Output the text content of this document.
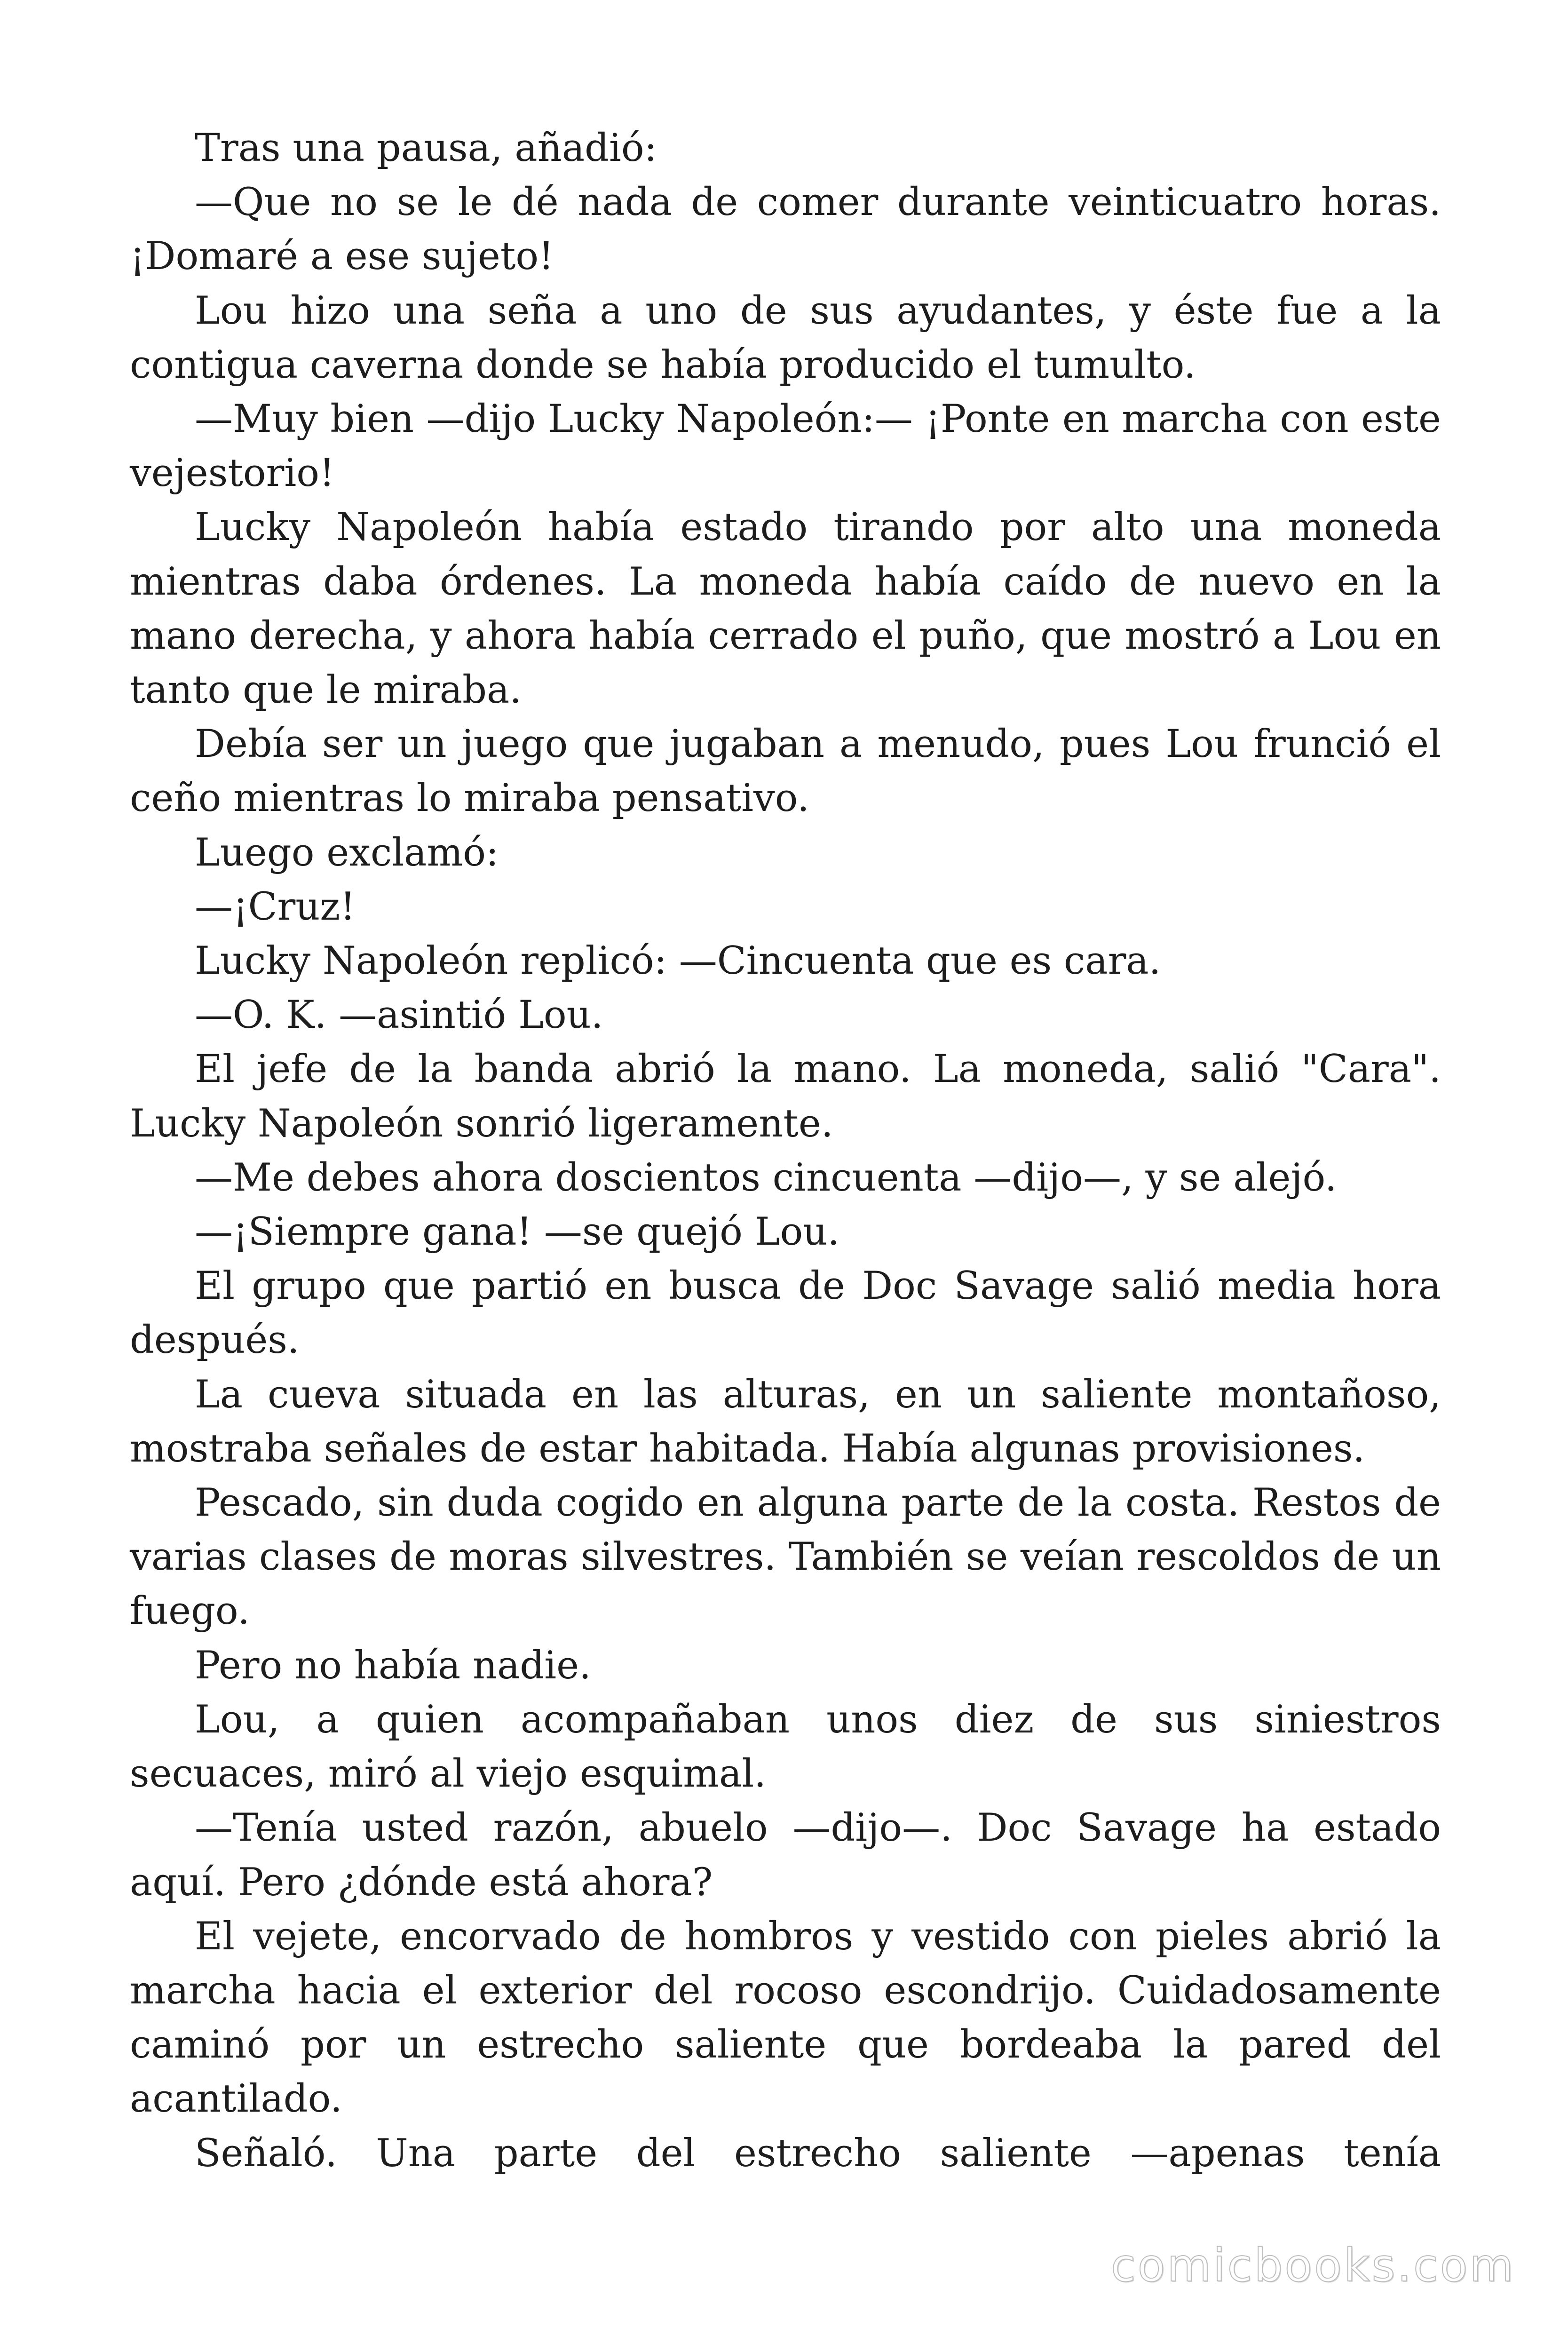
Tras una pausa, añadió:

—Que no se le dé nada de comer durante veinticuatro horas. ¡Domaré a ese sujeto!

Lou hizo una seña a uno de sus ayudantes, y éste fue a la contigua caverna donde se había producido el tumulto.

—Muy bien —dijo Lucky Napoleón:— ¡Ponte en marcha con este vejestorio!

Lucky Napoleón había estado tirando por alto una moneda mientras daba órdenes. La moneda había caído de nuevo en la mano derecha, y ahora había cerrado el puño, que mostró a Lou en tanto que le miraba.

Debía ser un juego que jugaban a menudo, pues Lou frunció el ceño mientras lo miraba pensativo.

Luego exclamó:

—¡Cruz!

Lucky Napoleón replicó: —Cincuenta que es cara.

—O. K. —asintió Lou.

El jefe de la banda abrió la mano. La moneda, salió "Cara". Lucky Napoleón sonrió ligeramente.

—Me debes ahora doscientos cincuenta —dijo—, y se alejó.

—¡Siempre gana! —se quejó Lou.

El grupo que partió en busca de Doc Savage salió media hora después.

La cueva situada en las alturas, en un saliente montañoso, mostraba señales de estar habitada. Había algunas provisiones.

Pescado, sin duda cogido en alguna parte de la costa. Restos de varias clases de moras silvestres. También se veían rescoldos de un fuego.

Pero no había nadie.

Lou, a quien acompañaban unos diez de sus siniestros secuaces, miró al viejo esquimal.

—Tenía usted razón, abuelo —dijo—. Doc Savage ha estado aquí. Pero ¿dónde está ahora?

El vejete, encorvado de hombros y vestido con pieles abrió la marcha hacia el exterior del rocoso escondrijo. Cuidadosamente caminó por un estrecho saliente que bordeaba la pared del acantilado.

Señaló. Una parte del estrecho saliente —apenas tenía

comicbooks.com
